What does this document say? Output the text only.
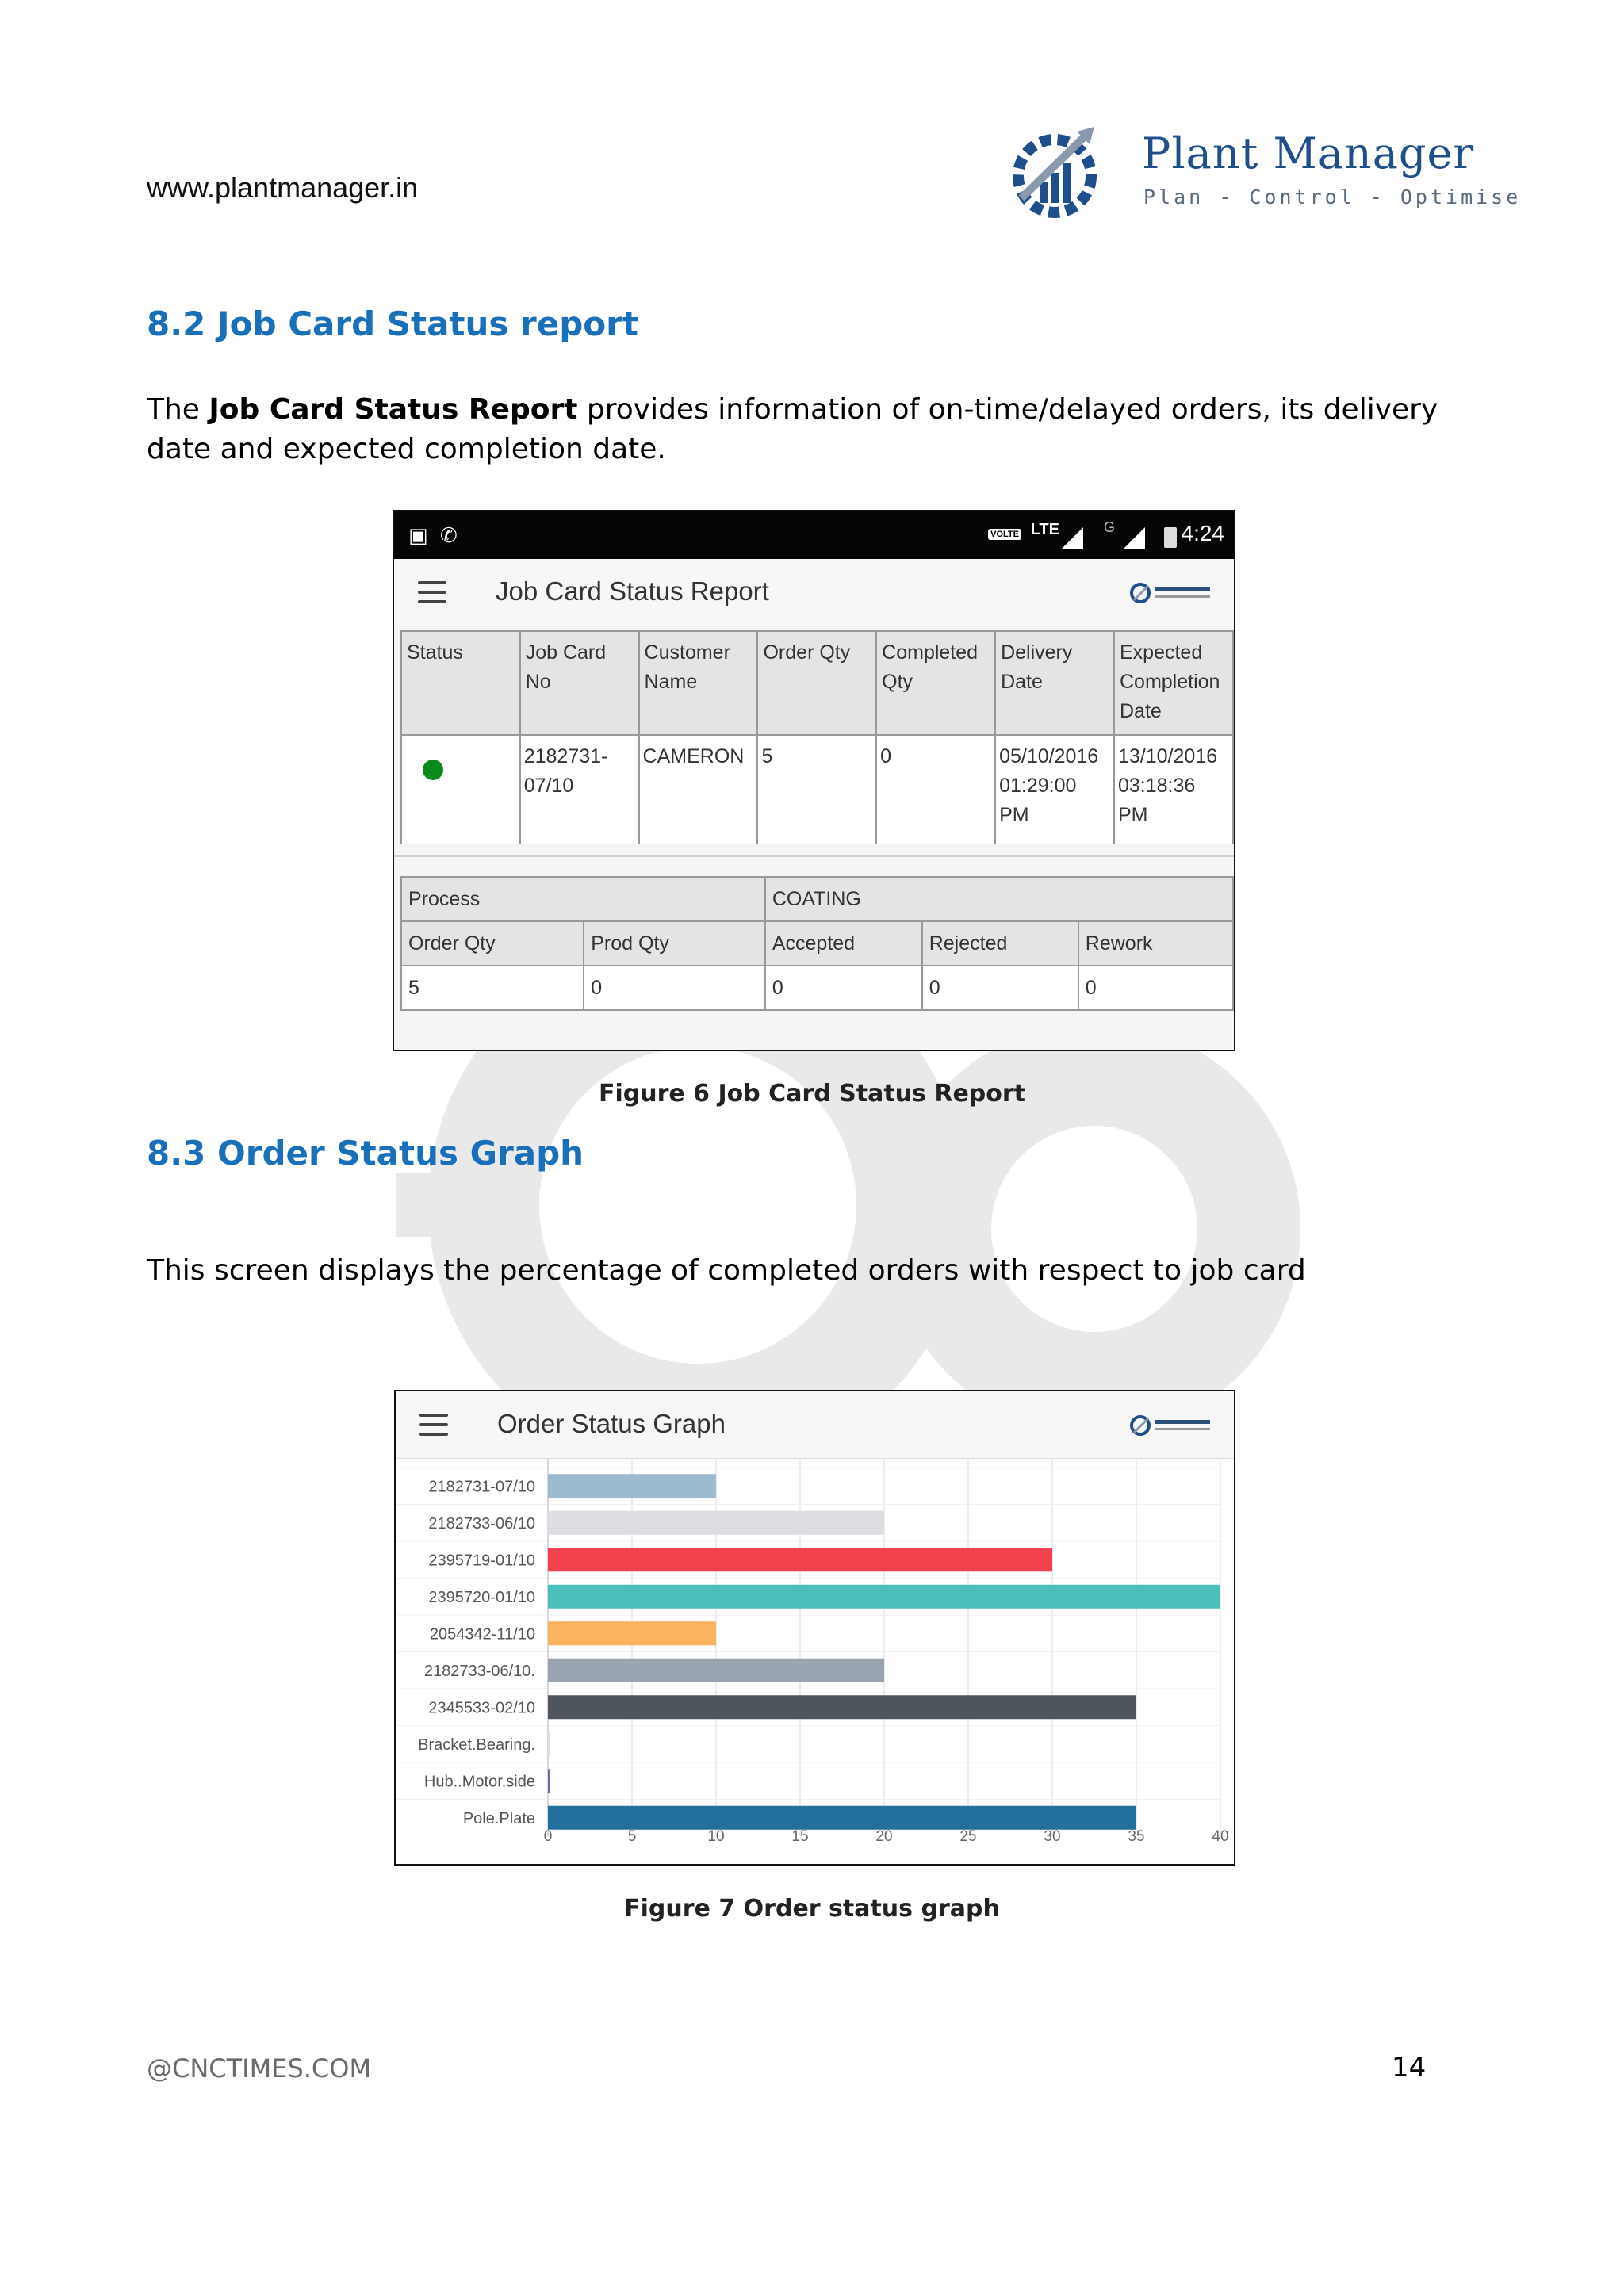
www.plantmanager.in
Plant Manager
Plan - Control - Optimise
8.2 Job Card Status report
The Job Card Status Report provides information of on-time/delayed orders, its delivery date and expected completion date.
▣ ✆	VOLTE LTE	G	4:24
Job Card Status Report
Status	Job Card No	Customer Name	Order Qty	Completed Qty	Delivery Date	Expected Completion Date
	2182731-07/10	CAMERON	5	0	05/10/2016 01:29:00 PM	13/10/2016 03:18:36 PM
Process		COATING		
Order Qty	Prod Qty	Accepted	Rejected	Rework
5	0	0	0	0
Figure 6 Job Card Status Report
8.3 Order Status Graph
This screen displays the percentage of completed orders with respect to job card
Order Status Graph
0	5	10	15	20	25	30	35	40
2182731-07/10
2182733-06/10
2395719-01/10
2395720-01/10
2054342-11/10
2182733-06/10.
2345533-02/10
Bracket.Bearing.
Hub..Motor.side
Pole.Plate
Figure 7 Order status graph
@CNCTIMES.COM	14
